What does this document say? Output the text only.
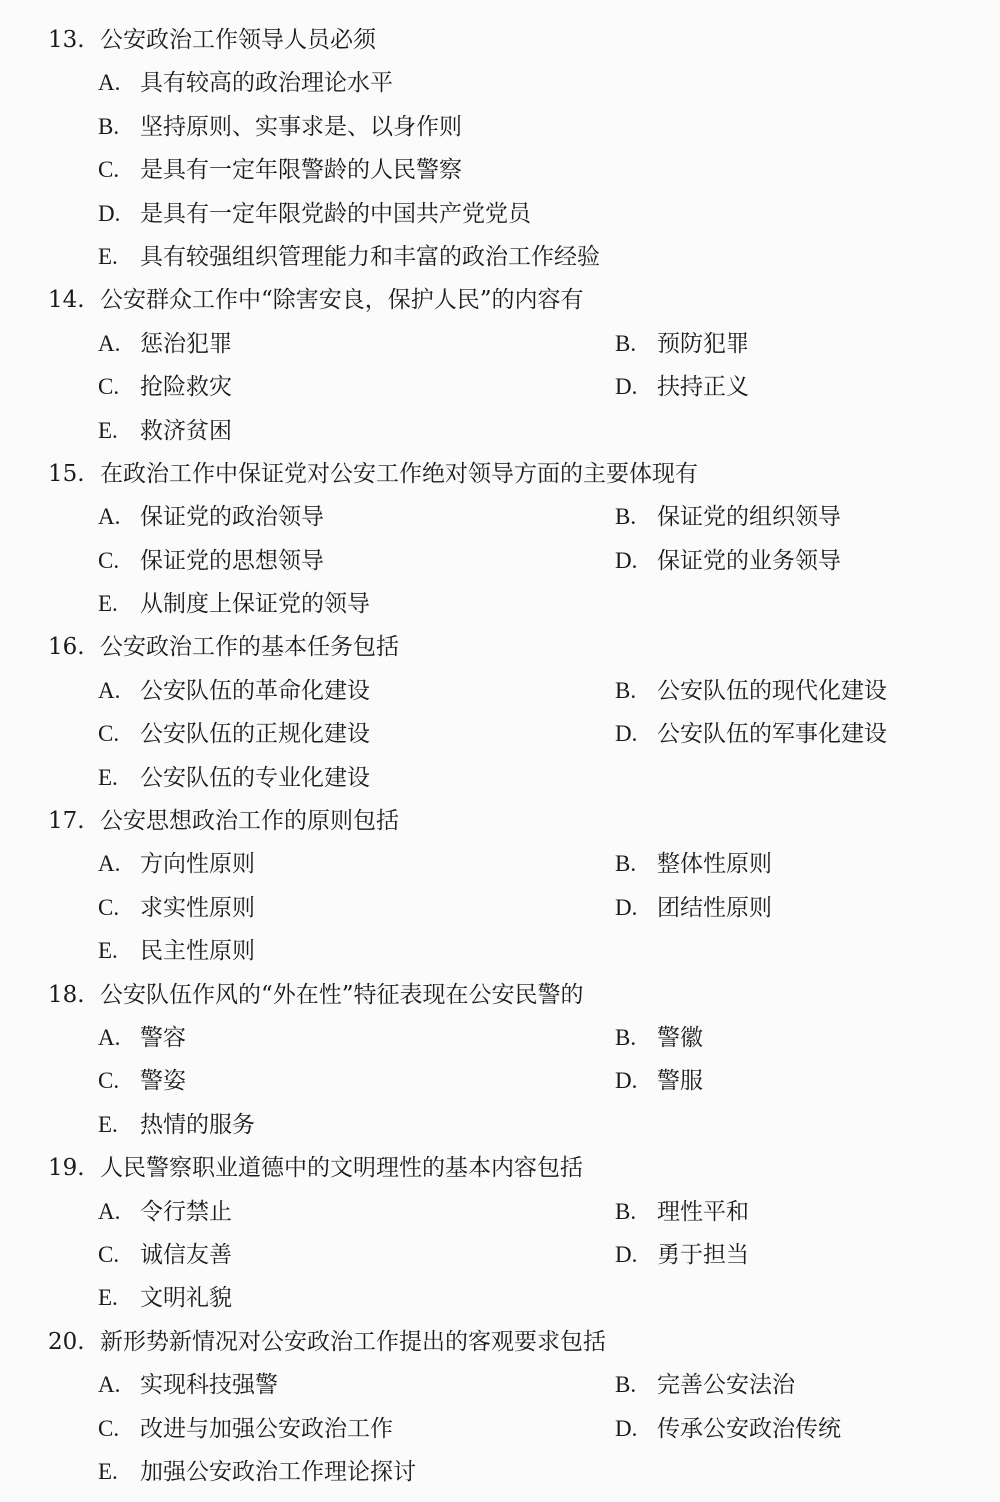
13. 公安政治工作领导人员必须
A. 具有较高的政治理论水平
B. 坚持原则、实事求是、以身作则
C. 是具有一定年限警龄的人民警察
D. 是具有一定年限党龄的中国共产党党员
E. 具有较强组织管理能力和丰富的政治工作经验
14. 公安群众工作中“除害安良，保护人民”的内容有
A. 惩治犯罪	B. 预防犯罪
C. 抢险救灾	D. 扶持正义
E. 救济贫困
15. 在政治工作中保证党对公安工作绝对领导方面的主要体现有
A. 保证党的政治领导	B. 保证党的组织领导
C. 保证党的思想领导	D. 保证党的业务领导
E. 从制度上保证党的领导
16. 公安政治工作的基本任务包括
A. 公安队伍的革命化建设	B. 公安队伍的现代化建设
C. 公安队伍的正规化建设	D. 公安队伍的军事化建设
E. 公安队伍的专业化建设
17. 公安思想政治工作的原则包括
A. 方向性原则	B. 整体性原则
C. 求实性原则	D. 团结性原则
E. 民主性原则
18. 公安队伍作风的“外在性”特征表现在公安民警的
A. 警容	B. 警徽
C. 警姿	D. 警服
E. 热情的服务
19. 人民警察职业道德中的文明理性的基本内容包括
A. 令行禁止	B. 理性平和
C. 诚信友善	D. 勇于担当
E. 文明礼貌
20. 新形势新情况对公安政治工作提出的客观要求包括
A. 实现科技强警	B. 完善公安法治
C. 改进与加强公安政治工作	D. 传承公安政治传统
E. 加强公安政治工作理论探讨
